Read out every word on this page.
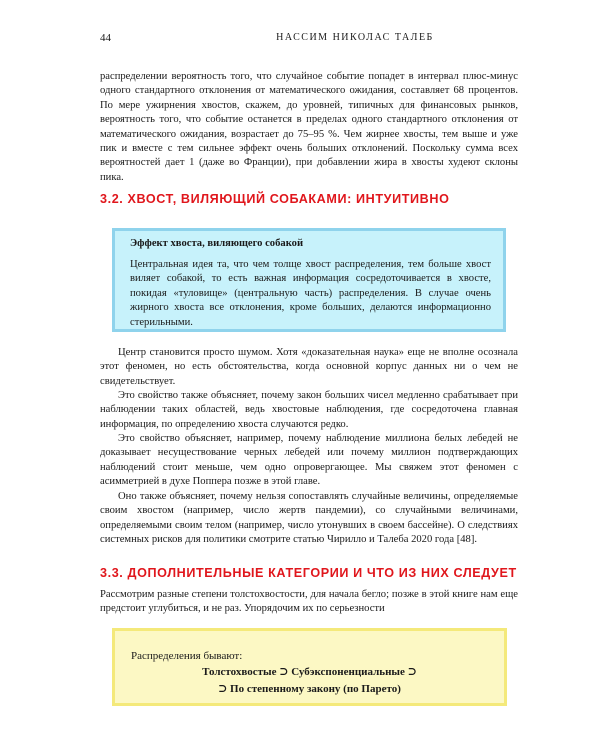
44	НАССИМ НИКОЛАС ТАЛЕБ

распределении вероятность того, что случайное событие попадет в интервал плюс-минус одного стандартного отклонения от математического ожидания, составляет 68 процентов. По мере ужирнения хвостов, скажем, до уровней, типичных для финансовых рынков, вероятность того, что событие останется в пределах одного стандартного отклонения от математического ожидания, возрастает до 75–95 %. Чем жирнее хвосты, тем выше и уже пик и вместе с тем сильнее эффект очень больших отклонений. Поскольку сумма всех вероятностей дает 1 (даже во Франции), при добавлении жира в хвосты худеют склоны пика.

3.2. ХВОСТ, ВИЛЯЮЩИЙ СОБАКАМИ: ИНТУИТИВНО
Эффект хвоста, виляющего собакой

Центральная идея та, что чем толще хвост распределения, тем больше хвост виляет собакой, то есть важная информация сосредоточивается в хвосте, покидая «туловище» (центральную часть) распределения. В случае очень жирного хвоста все отклонения, кроме больших, делаются информационно стерильными.

Центр становится просто шумом. Хотя «доказательная наука» еще не вполне осознала этот феномен, но есть обстоятельства, когда основной корпус данных ни о чем не свидетельствует.

Это свойство также объясняет, почему закон больших чисел медленно срабатывает при наблюдении таких областей, ведь хвостовые наблюдения, где сосредоточена главная информация, по определению хвоста случаются редко.

Это свойство объясняет, например, почему наблюдение миллиона белых лебедей не доказывает несуществование черных лебедей или почему миллион подтверждающих наблюдений стоит меньше, чем одно опровергающее. Мы свяжем этот феномен с асимметрией в духе Поппера позже в этой главе.

Оно также объясняет, почему нельзя сопоставлять случайные величины, определяемые своим хвостом (например, число жертв пандемии), со случайными величинами, определяемыми своим телом (например, число утонувших в своем бассейне). О следствиях системных рисков для политики смотрите статью Чирилло и Талеба 2020 года [48].

3.3. ДОПОЛНИТЕЛЬНЫЕ КАТЕГОРИИ И ЧТО ИЗ НИХ СЛЕДУЕТ

Рассмотрим разные степени толстохвостости, для начала бегло; позже в этой книге нам еще предстоит углубиться, и не раз. Упорядочим их по серьезности

Распределения бывают:
Толстохвостые ⊃ Субэкспоненциальные ⊃
⊃ По степенному закону (по Парето)
